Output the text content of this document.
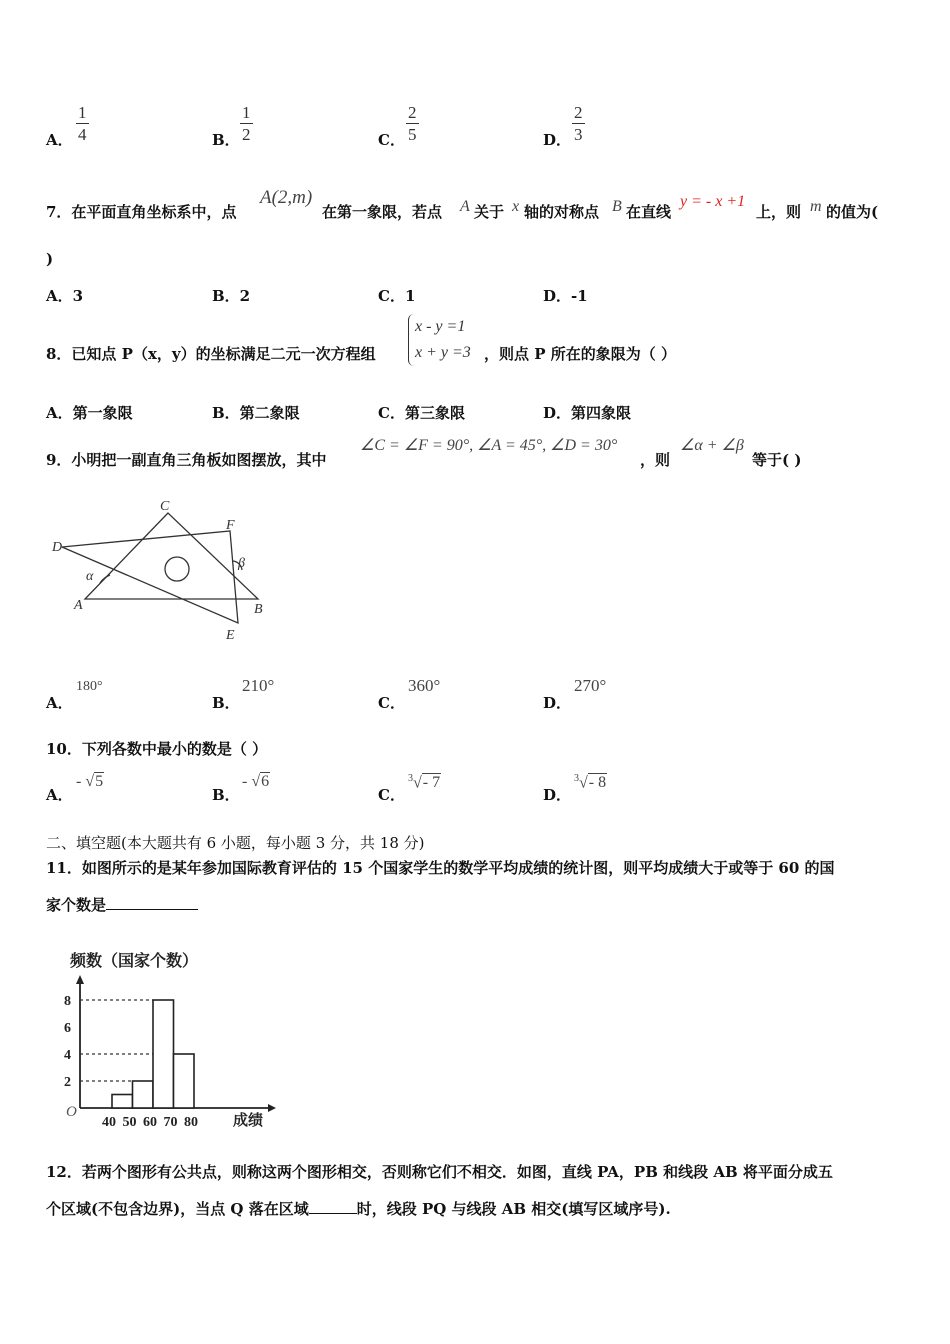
A． $\frac{1}{4}$	B． $\frac{1}{2}$	C． $\frac{2}{5}$	D． $\frac{2}{3}$
7．在平面直角坐标系中，点
A(2,m)
在第一象限，若点 A 关于 x 轴的对称点 B 在直线
y = - x +1
上，则 m 的值为(
)
A．3	B．2	C．1	D．-1
8．已知点 P（x，y）的坐标满足二元一次方程组
x - y =1
x + y =3 ，则点 P 所在的象限为（ ）
A．第一象限	B．第二象限	C．第三象限	D．第四象限
9．小明把一副直角三角板如图摆放，其中
∠C = ∠F = 90°, ∠A = 45°, ∠D = 30°
，则
∠α + ∠β
等于( )
C
F
D
α
β
A	B
E
A．
180°
B．
210°
C．
360°
D．
270°
10．下列各数中最小的数是（ ）
A．
- √5
B．
- √6
C．
$^3$√- 7
D．
$^3$√- 8
二、填空题(本大题共有 6 小题，每小题 3 分，共 18 分)
11．如图所示的是某年参加国际教育评估的 15 个国家学生的数学平均成绩的统计图，则平均成绩大于或等于 60 的国
家个数是
频数（国家个数）
成绩
O
2
4
6
8
40 50 60 70 80
12．若两个图形有公共点，则称这两个图形相交，否则称它们不相交．如图，直线 PA，PB 和线段 AB 将平面分成五
个区域(不包含边界)，当点 Q 落在区域	时，线段 PQ 与线段 AB 相交(填写区域序号).
